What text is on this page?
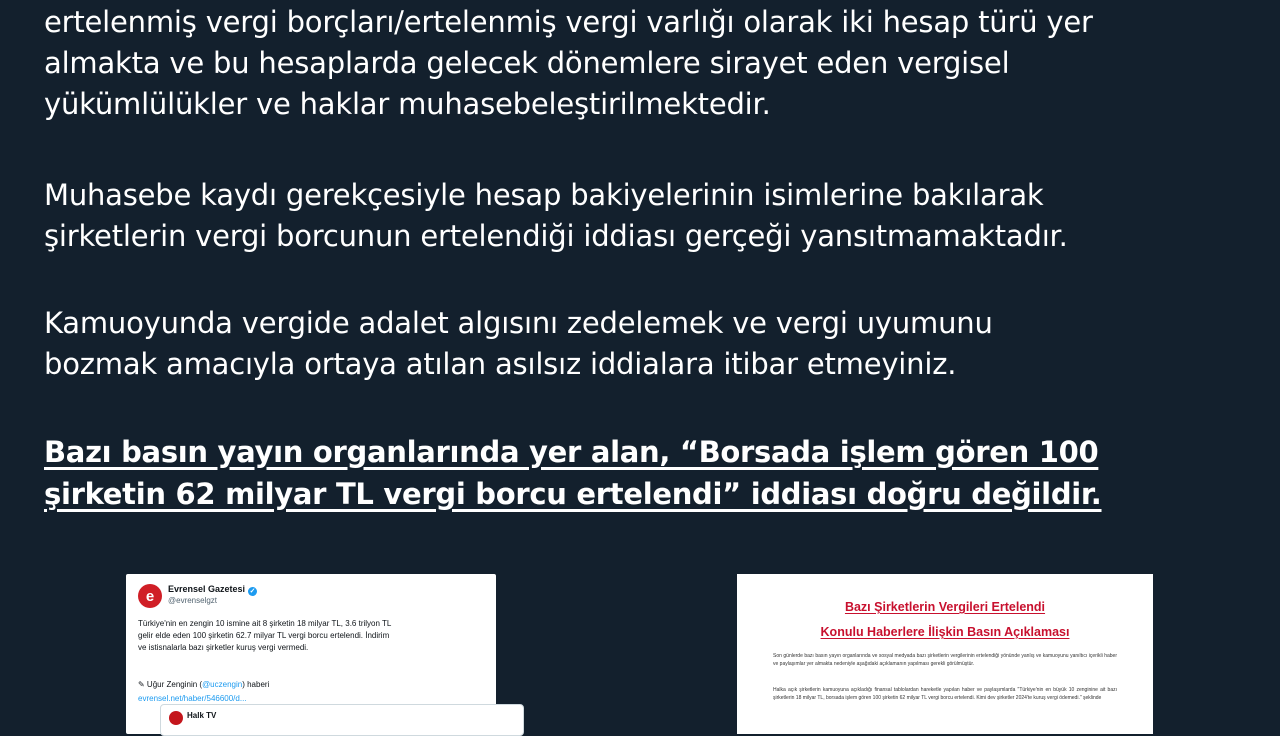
ertelenmiş vergi borçları/ertelenmiş vergi varlığı olarak iki hesap türü yer
almakta ve bu hesaplarda gelecek dönemlere sirayet eden vergisel
yükümlülükler ve haklar muhasebeleştirilmektedir.
Muhasebe kaydı gerekçesiyle hesap bakiyelerinin isimlerine bakılarak
şirketlerin vergi borcunun ertelendiği iddiası gerçeği yansıtmamaktadır.
Kamuoyunda vergide adalet algısını zedelemek ve vergi uyumunu
bozmak amacıyla ortaya atılan asılsız iddialara itibar etmeyiniz.
Bazı basın yayın organlarında yer alan, “Borsada işlem gören 100
şirketin 62 milyar TL vergi borcu ertelendi” iddiası doğru değildir.
e	Evrensel Gazetesi ✓
@evrenselgzt
Türkiye'nin en zengin 10 ismine ait 8 şirketin 18 milyar TL, 3.6 trilyon TL
gelir elde eden 100 şirketin 62.7 milyar TL vergi borcu ertelendi. İndirim
ve istisnalarla bazı şirketler kuruş vergi vermedi.
✎ Uğur Zenginin (@uczengin) haberi
evrensel.net/haber/546600/d...
Halk TV
Bazı Şirketlerin Vergileri Ertelendi
Konulu Haberlere İlişkin Basın Açıklaması
Son günlerde bazı basın yayın organlarında ve sosyal medyada bazı şirketlerin vergilerinin ertelendiği yönünde yanlış ve kamuoyunu yanıltıcı içerikli haber ve paylaşımlar yer almakta nedeniyle aşağıdaki açıklamanın yapılması gerekli görülmüştür.
Halka açık şirketlerin kamuoyuna açıkladığı finansal tablolardan hareketle yapılan haber ve paylaşımlarda "Türkiye'nin en büyük 10 zenginine ait bazı şirketlerin 18 milyar TL, borsada işlem gören 100 şirketin 62 milyar TL vergi borcu ertelendi. Kimi dev şirketler 2024'te kuruş vergi ödemedi." şeklinde
